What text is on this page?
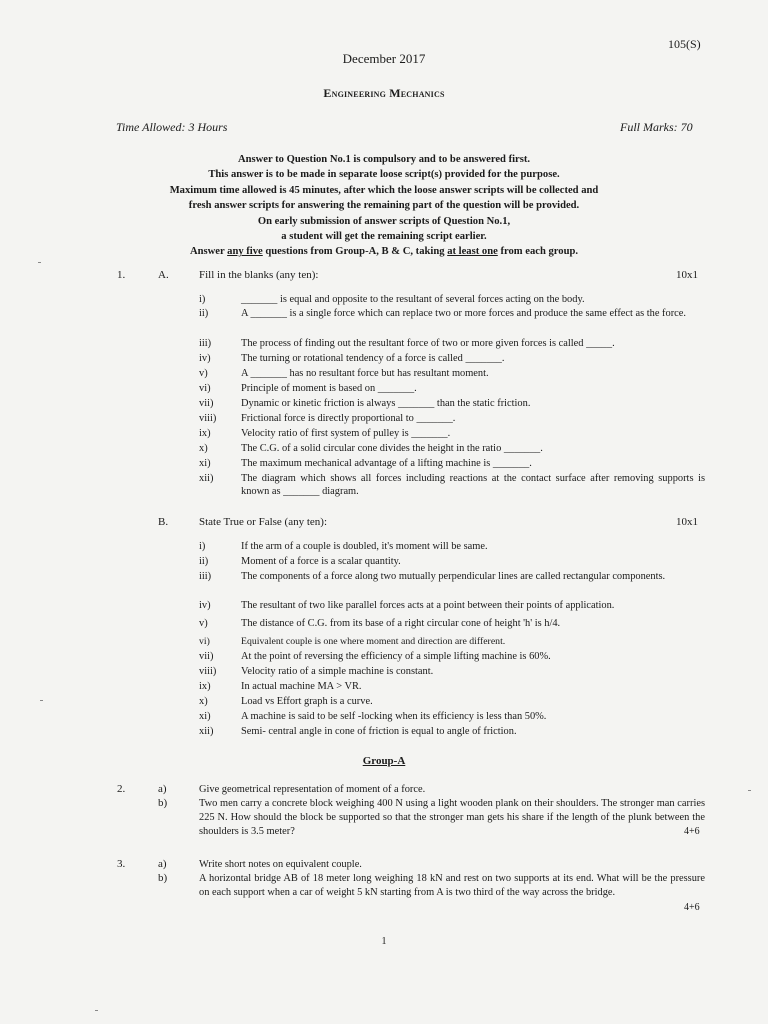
105(S)
December 2017
Engineering Mechanics
Time Allowed: 3 Hours	Full Marks: 70
Answer to Question No.1 is compulsory and to be answered first.
This answer is to be made in separate loose script(s) provided for the purpose.
Maximum time allowed is 45 minutes, after which the loose answer scripts will be collected and
fresh answer scripts for answering the remaining part of the question will be provided.
On early submission of answer scripts of Question No.1,
a student will get the remaining script earlier.
Answer any five questions from Group-A, B & C, taking at least one from each group.
1.	A.	Fill in the blanks (any ten):	10x1
i)	_______ is equal and opposite to the resultant of several forces acting on the body.
ii)	A _______ is a single force which can replace two or more forces and produce the same effect as the force.
iii)	The process of finding out the resultant force of two or more given forces is called _____.
iv)	The turning or rotational tendency of a force is called _______.
v)	A _______ has no resultant force but has resultant moment.
vi)	Principle of moment is based on _______.
vii)	Dynamic or kinetic friction is always _______ than the static friction.
viii)	Frictional force is directly proportional to _______.
ix)	Velocity ratio of first system of pulley is _______.
x)	The C.G. of a solid circular cone divides the height in the ratio _______.
xi)	The maximum mechanical advantage of a lifting machine is _______.
xii)	The diagram which shows all forces including reactions at the contact surface after removing supports is known as _______ diagram.
B.	State True or False (any ten):	10x1
i)	If the arm of a couple is doubled, it's moment will be same.
ii)	Moment of a force is a scalar quantity.
iii)	The components of a force along two mutually perpendicular lines are called rectangular components.
iv)	The resultant of two like parallel forces acts at a point between their points of application.
v)	The distance of C.G. from its base of a right circular cone of height 'h' is h/4.
vi)	Equivalent couple is one where moment and direction are different.
vii)	At the point of reversing the efficiency of a simple lifting machine is 60%.
viii)	Velocity ratio of a simple machine is constant.
ix)	In actual machine MA > VR.
x)	Load vs Effort graph is a curve.
xi)	A machine is said to be self -locking when its efficiency is less than 50%.
xii)	Semi- central angle in cone of friction is equal to angle of friction.
Group-A
2.	a)	Give geometrical representation of moment of a force.
b)	Two men carry a concrete block weighing 400 N using a light wooden plank on their shoulders. The stronger man carries 225 N. How should the block be supported so that the stronger man gets his share if the length of the plunk between the shoulders is 3.5 meter?	4+6
3.	a)	Write short notes on equivalent couple.
b)	A horizontal bridge AB of 18 meter long weighing 18 kN and rest on two supports at its end. What will be the pressure on each support when a car of weight 5 kN starting from A is two third of the way across the bridge.
4+6
1
